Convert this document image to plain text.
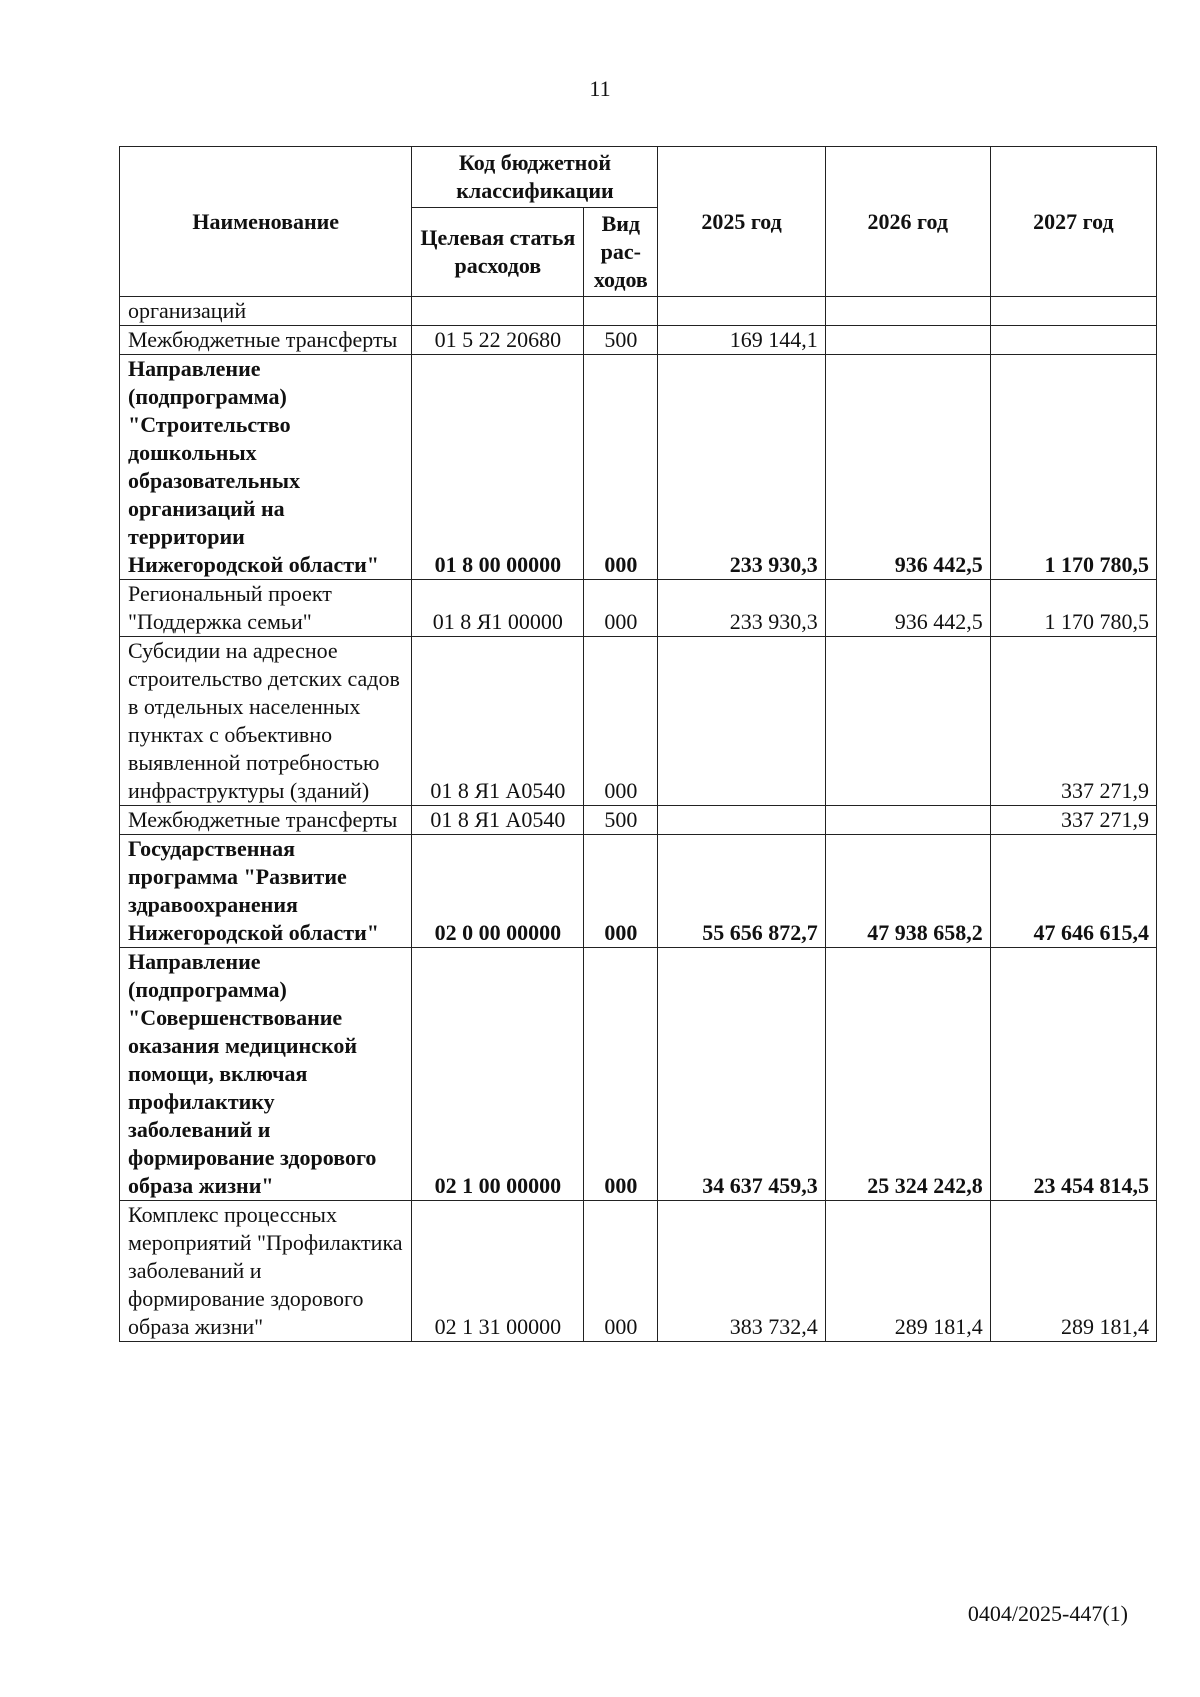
11
Наименование	Код бюджетной классификации		2025 год	2026 год	2027 год
	Целевая статья расходов	Вид рас-ходов			
организаций					
Межбюджетные трансферты	01 5 22 20680	500	169 144,1		
Направление (подпрограмма) "Строительство дошкольных образовательных организаций на территории Нижегородской области"	01 8 00 00000	000	233 930,3	936 442,5	1 170 780,5
Региональный проект "Поддержка семьи"	01 8 Я1 00000	000	233 930,3	936 442,5	1 170 780,5
Субсидии на адресное строительство детских садов в отдельных населенных пунктах с объективно выявленной потребностью инфраструктуры (зданий)	01 8 Я1 А0540	000			337 271,9
Межбюджетные трансферты	01 8 Я1 А0540	500			337 271,9
Государственная программа "Развитие здравоохранения Нижегородской области"	02 0 00 00000	000	55 656 872,7	47 938 658,2	47 646 615,4
Направление (подпрограмма) "Совершенствование оказания медицинской помощи, включая профилактику заболеваний и формирование здорового образа жизни"	02 1 00 00000	000	34 637 459,3	25 324 242,8	23 454 814,5
Комплекс процессных мероприятий "Профилактика заболеваний и формирование здорового образа жизни"	02 1 31 00000	000	383 732,4	289 181,4	289 181,4
0404/2025-447(1)
